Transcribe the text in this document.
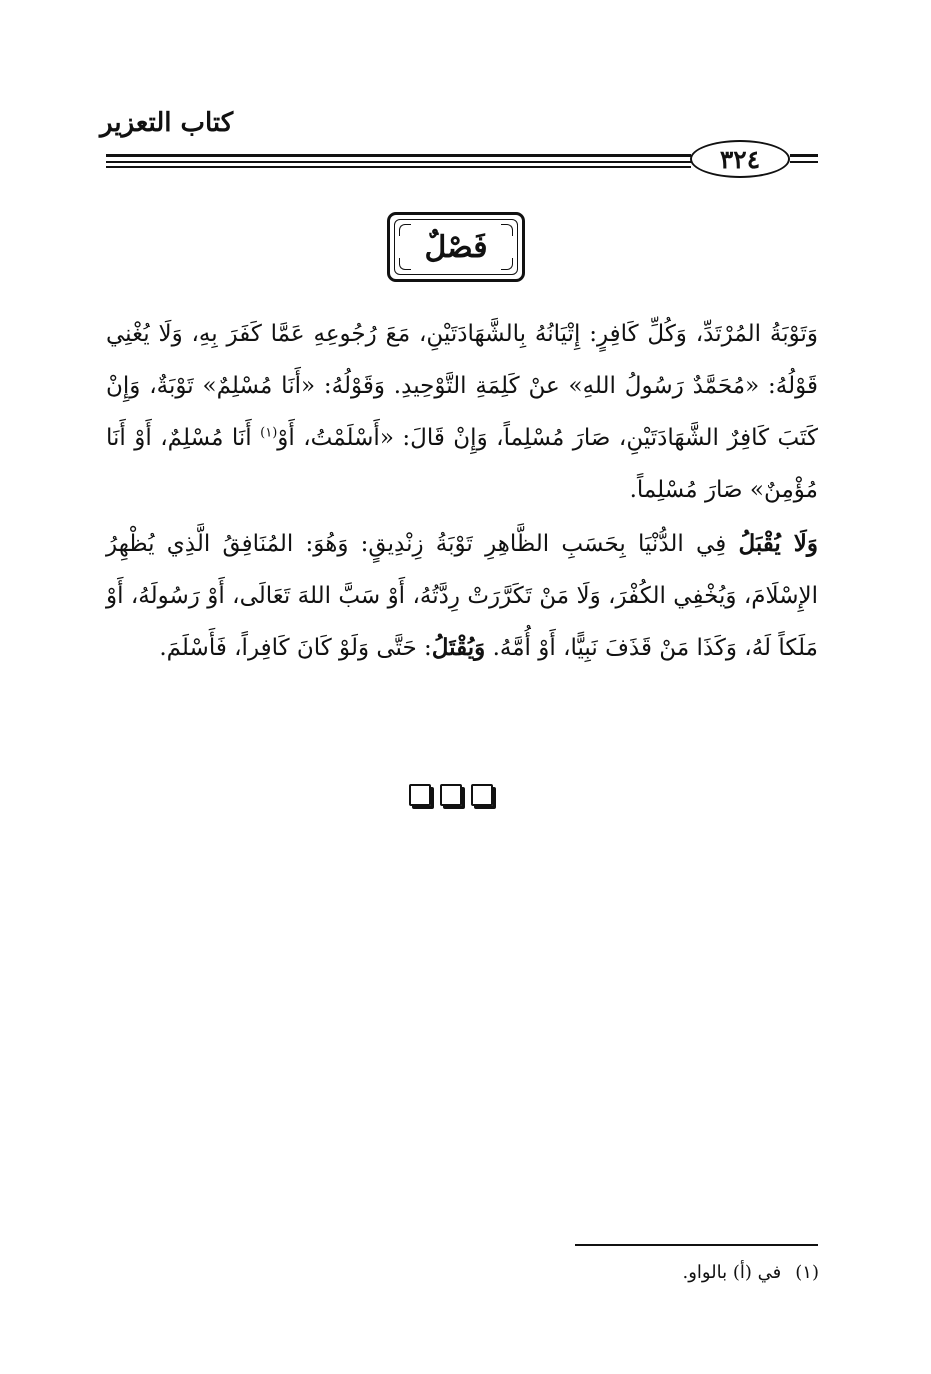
كتاب التعزير
٣٢٤
فَصْلٌ

وَتَوْبَةُ المُرْتَدِّ، وَكُلِّ كَافِرٍ: إِتْيَانُهُ بِالشَّهَادَتَيْنِ، مَعَ رُجُوعِهِ عَمَّا كَفَرَ بِهِ، وَلَا يُغْنِي قَوْلُهُ: «مُحَمَّدٌ رَسُولُ اللهِ» عنْ كَلِمَةِ التَّوْحِيدِ. وَقَوْلُهُ: «أَنَا مُسْلِمٌ» تَوْبَةٌ، وَإِنْ كَتَبَ كَافِرٌ الشَّهَادَتَيْنِ، صَارَ مُسْلِماً، وَإِنْ قَالَ: «أَسْلَمْتُ، أَوْ$^{(١)}$ أَنَا مُسْلِمٌ، أَوْ أَنَا مُؤْمِنٌ» صَارَ مُسْلِماً.

وَلَا يُقْبَلُ فِي الدُّنْيَا بِحَسَبِ الظَّاهِرِ تَوْبَةُ زِنْدِيقٍ: وَهُوَ: المُنَافِقُ الَّذِي يُظْهِرُ الإِسْلَامَ، وَيُخْفِي الكُفْرَ، وَلَا مَنْ تَكَرَّرَتْ رِدَّتُهُ، أَوْ سَبَّ اللهَ تَعَالَى، أَوْ رَسُولَهُ، أَوْ مَلَكاً لَهُ، وَكَذَا مَنْ قَذَفَ نَبِيًّا، أَوْ أُمَّهُ. وَيُقْتَلُ: حَتَّى وَلَوْ كَانَ كَافِراً، فَأَسْلَمَ.

(١)في (أ) بالواو.
